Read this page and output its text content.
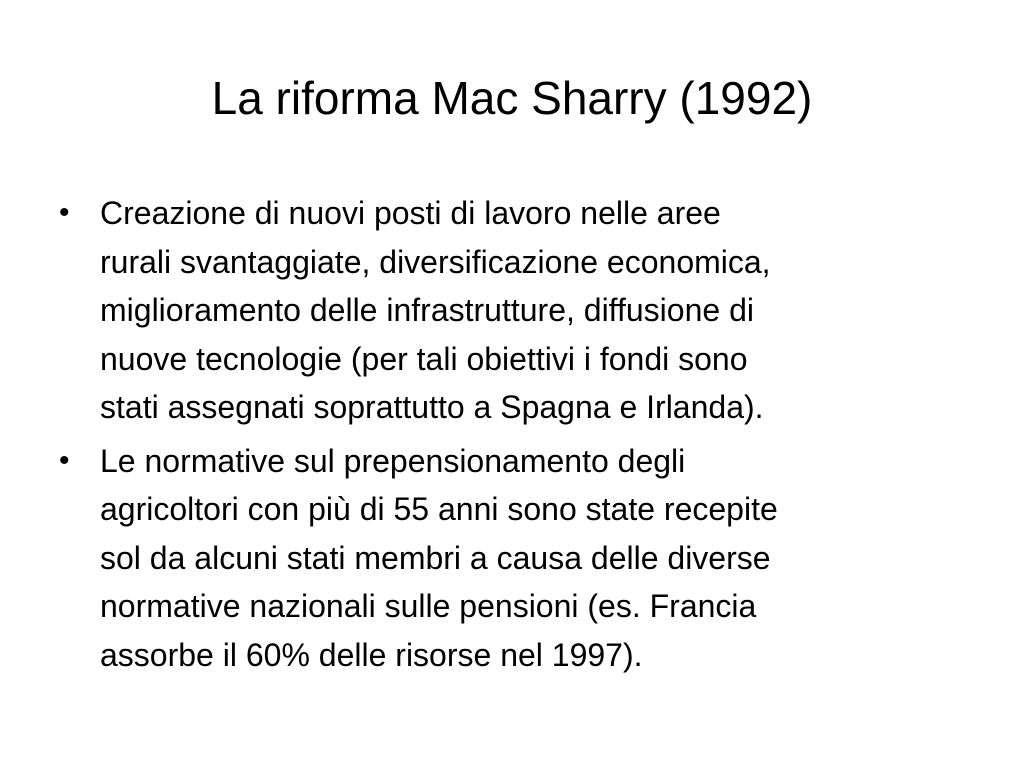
La riforma Mac Sharry (1992)
• Creazione di nuovi posti di lavoro nelle aree
rurali svantaggiate, diversificazione economica,
miglioramento delle infrastrutture, diffusione di
nuove tecnologie (per tali obiettivi i fondi sono
stati assegnati soprattutto a Spagna e Irlanda).
• Le normative sul prepensionamento degli
agricoltori con più di 55 anni sono state recepite
sol da alcuni stati membri a causa delle diverse
normative nazionali sulle pensioni (es. Francia
assorbe il 60% delle risorse nel 1997).
